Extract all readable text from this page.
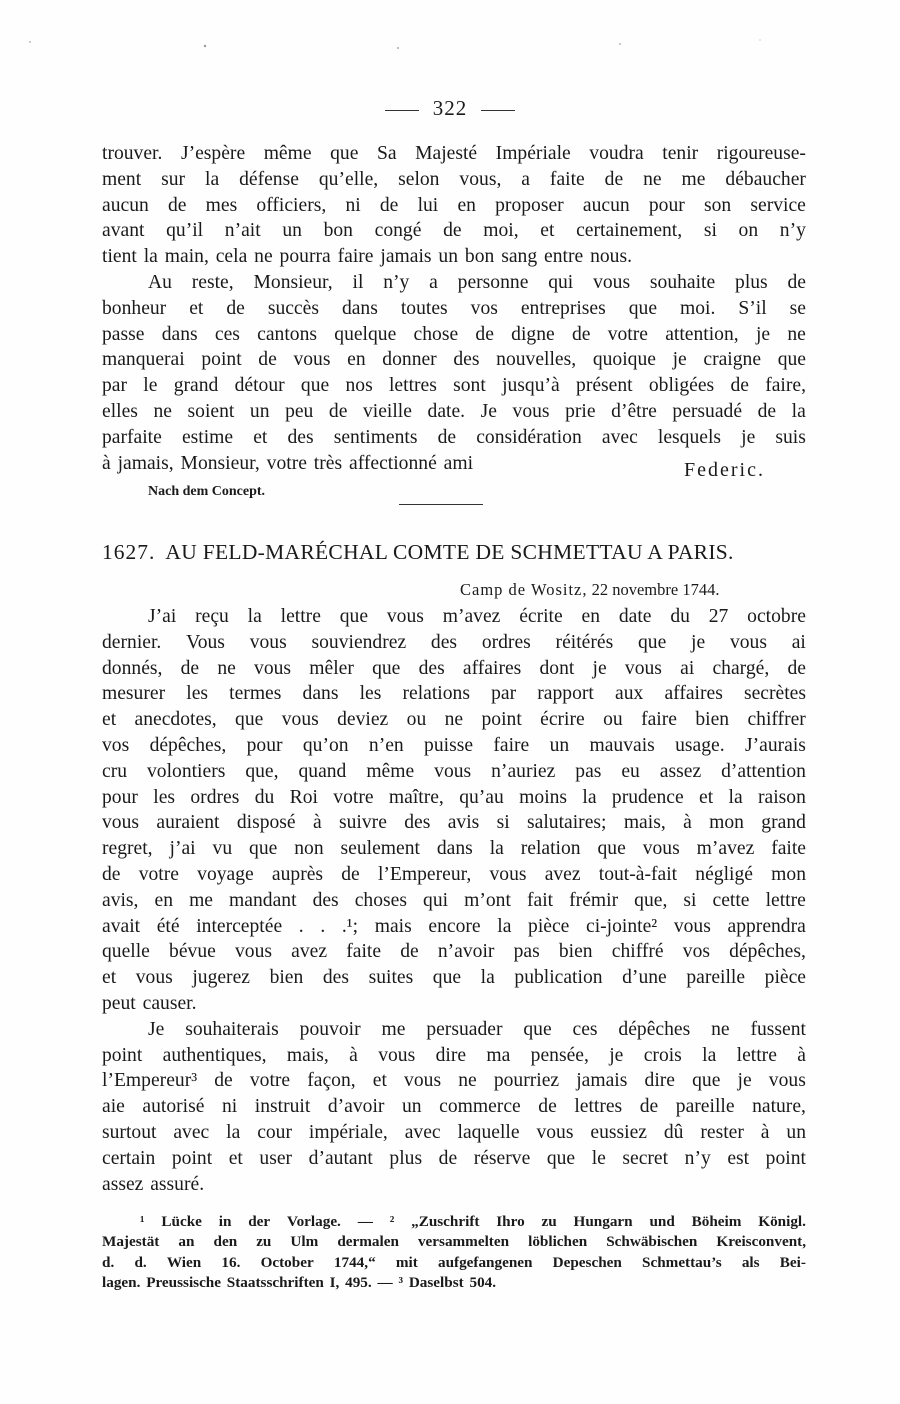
322
trouver. J’espère même que Sa Majesté Impériale voudra tenir rigoureuse-
ment sur la défense qu’elle, selon vous, a faite de ne me débaucher
aucun de mes officiers, ni de lui en proposer aucun pour son service
avant qu’il n’ait un bon congé de moi, et certainement, si on n’y
tient la main, cela ne pourra faire jamais un bon sang entre nous.
Au reste, Monsieur, il n’y a personne qui vous souhaite plus de
bonheur et de succès dans toutes vos entreprises que moi. S’il se
passe dans ces cantons quelque chose de digne de votre attention, je ne
manquerai point de vous en donner des nouvelles, quoique je craigne que
par le grand détour que nos lettres sont jusqu’à présent obligées de faire,
elles ne soient un peu de vieille date. Je vous prie d’être persuadé de la
parfaite estime et des sentiments de considération avec lesquels je suis
à jamais, Monsieur, votre très affectionné ami	Federic.
Nach dem Concept.
1627. AU FELD-MARÉCHAL COMTE DE SCHMETTAU A PARIS.
Camp de Wositz, 22 novembre 1744.
J’ai reçu la lettre que vous m’avez écrite en date du 27 octobre
dernier. Vous vous souviendrez des ordres réitérés que je vous ai
donnés, de ne vous mêler que des affaires dont je vous ai chargé, de
mesurer les termes dans les relations par rapport aux affaires secrètes
et anecdotes, que vous deviez ou ne point écrire ou faire bien chiffrer
vos dépêches, pour qu’on n’en puisse faire un mauvais usage. J’aurais
cru volontiers que, quand même vous n’auriez pas eu assez d’attention
pour les ordres du Roi votre maître, qu’au moins la prudence et la raison
vous auraient disposé à suivre des avis si salutaires; mais, à mon grand
regret, j’ai vu que non seulement dans la relation que vous m’avez faite
de votre voyage auprès de l’Empereur, vous avez tout-à-fait négligé mon
avis, en me mandant des choses qui m’ont fait frémir que, si cette lettre
avait été interceptée . . .¹; mais encore la pièce ci-jointe² vous apprendra
quelle bévue vous avez faite de n’avoir pas bien chiffré vos dépêches,
et vous jugerez bien des suites que la publication d’une pareille pièce
peut causer.
Je souhaiterais pouvoir me persuader que ces dépêches ne fussent
point authentiques, mais, à vous dire ma pensée, je crois la lettre à
l’Empereur³ de votre façon, et vous ne pourriez jamais dire que je vous
aie autorisé ni instruit d’avoir un commerce de lettres de pareille nature,
surtout avec la cour impériale, avec laquelle vous eussiez dû rester à un
certain point et user d’autant plus de réserve que le secret n’y est point
assez assuré.
¹ Lücke in der Vorlage. — ² „Zuschrift Ihro zu Hungarn und Böheim Königl.
Majestät an den zu Ulm dermalen versammelten löblichen Schwäbischen Kreisconvent,
d. d. Wien 16. October 1744,“ mit aufgefangenen Depeschen Schmettau’s als Bei-
lagen. Preussische Staatsschriften I, 495. — ³ Daselbst 504.
